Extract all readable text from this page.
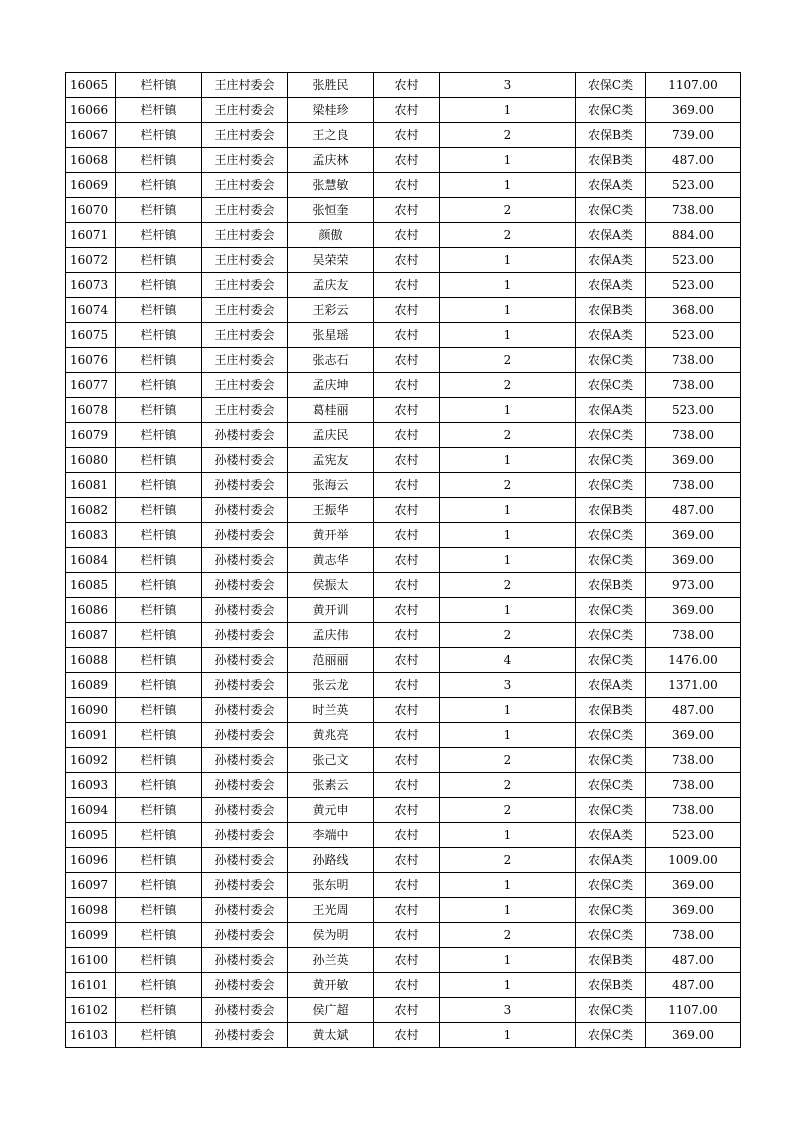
16065	栏杆镇	王庄村委会	张胜民	农村	3	农保C类	1107.00
16066	栏杆镇	王庄村委会	梁桂珍	农村	1	农保C类	369.00
16067	栏杆镇	王庄村委会	王之良	农村	2	农保B类	739.00
16068	栏杆镇	王庄村委会	孟庆林	农村	1	农保B类	487.00
16069	栏杆镇	王庄村委会	张慧敏	农村	1	农保A类	523.00
16070	栏杆镇	王庄村委会	张恒奎	农村	2	农保C类	738.00
16071	栏杆镇	王庄村委会	颜傲	农村	2	农保A类	884.00
16072	栏杆镇	王庄村委会	吴荣荣	农村	1	农保A类	523.00
16073	栏杆镇	王庄村委会	孟庆友	农村	1	农保A类	523.00
16074	栏杆镇	王庄村委会	王彩云	农村	1	农保B类	368.00
16075	栏杆镇	王庄村委会	张星瑶	农村	1	农保A类	523.00
16076	栏杆镇	王庄村委会	张志石	农村	2	农保C类	738.00
16077	栏杆镇	王庄村委会	孟庆坤	农村	2	农保C类	738.00
16078	栏杆镇	王庄村委会	葛桂丽	农村	1	农保A类	523.00
16079	栏杆镇	孙楼村委会	孟庆民	农村	2	农保C类	738.00
16080	栏杆镇	孙楼村委会	孟宪友	农村	1	农保C类	369.00
16081	栏杆镇	孙楼村委会	张海云	农村	2	农保C类	738.00
16082	栏杆镇	孙楼村委会	王振华	农村	1	农保B类	487.00
16083	栏杆镇	孙楼村委会	黄开举	农村	1	农保C类	369.00
16084	栏杆镇	孙楼村委会	黄志华	农村	1	农保C类	369.00
16085	栏杆镇	孙楼村委会	侯振太	农村	2	农保B类	973.00
16086	栏杆镇	孙楼村委会	黄开训	农村	1	农保C类	369.00
16087	栏杆镇	孙楼村委会	孟庆伟	农村	2	农保C类	738.00
16088	栏杆镇	孙楼村委会	范丽丽	农村	4	农保C类	1476.00
16089	栏杆镇	孙楼村委会	张云龙	农村	3	农保A类	1371.00
16090	栏杆镇	孙楼村委会	时兰英	农村	1	农保B类	487.00
16091	栏杆镇	孙楼村委会	黄兆亮	农村	1	农保C类	369.00
16092	栏杆镇	孙楼村委会	张己文	农村	2	农保C类	738.00
16093	栏杆镇	孙楼村委会	张素云	农村	2	农保C类	738.00
16094	栏杆镇	孙楼村委会	黄元申	农村	2	农保C类	738.00
16095	栏杆镇	孙楼村委会	李端中	农村	1	农保A类	523.00
16096	栏杆镇	孙楼村委会	孙路线	农村	2	农保A类	1009.00
16097	栏杆镇	孙楼村委会	张东明	农村	1	农保C类	369.00
16098	栏杆镇	孙楼村委会	王光周	农村	1	农保C类	369.00
16099	栏杆镇	孙楼村委会	侯为明	农村	2	农保C类	738.00
16100	栏杆镇	孙楼村委会	孙兰英	农村	1	农保B类	487.00
16101	栏杆镇	孙楼村委会	黄开敏	农村	1	农保B类	487.00
16102	栏杆镇	孙楼村委会	侯广超	农村	3	农保C类	1107.00
16103	栏杆镇	孙楼村委会	黄太斌	农村	1	农保C类	369.00
